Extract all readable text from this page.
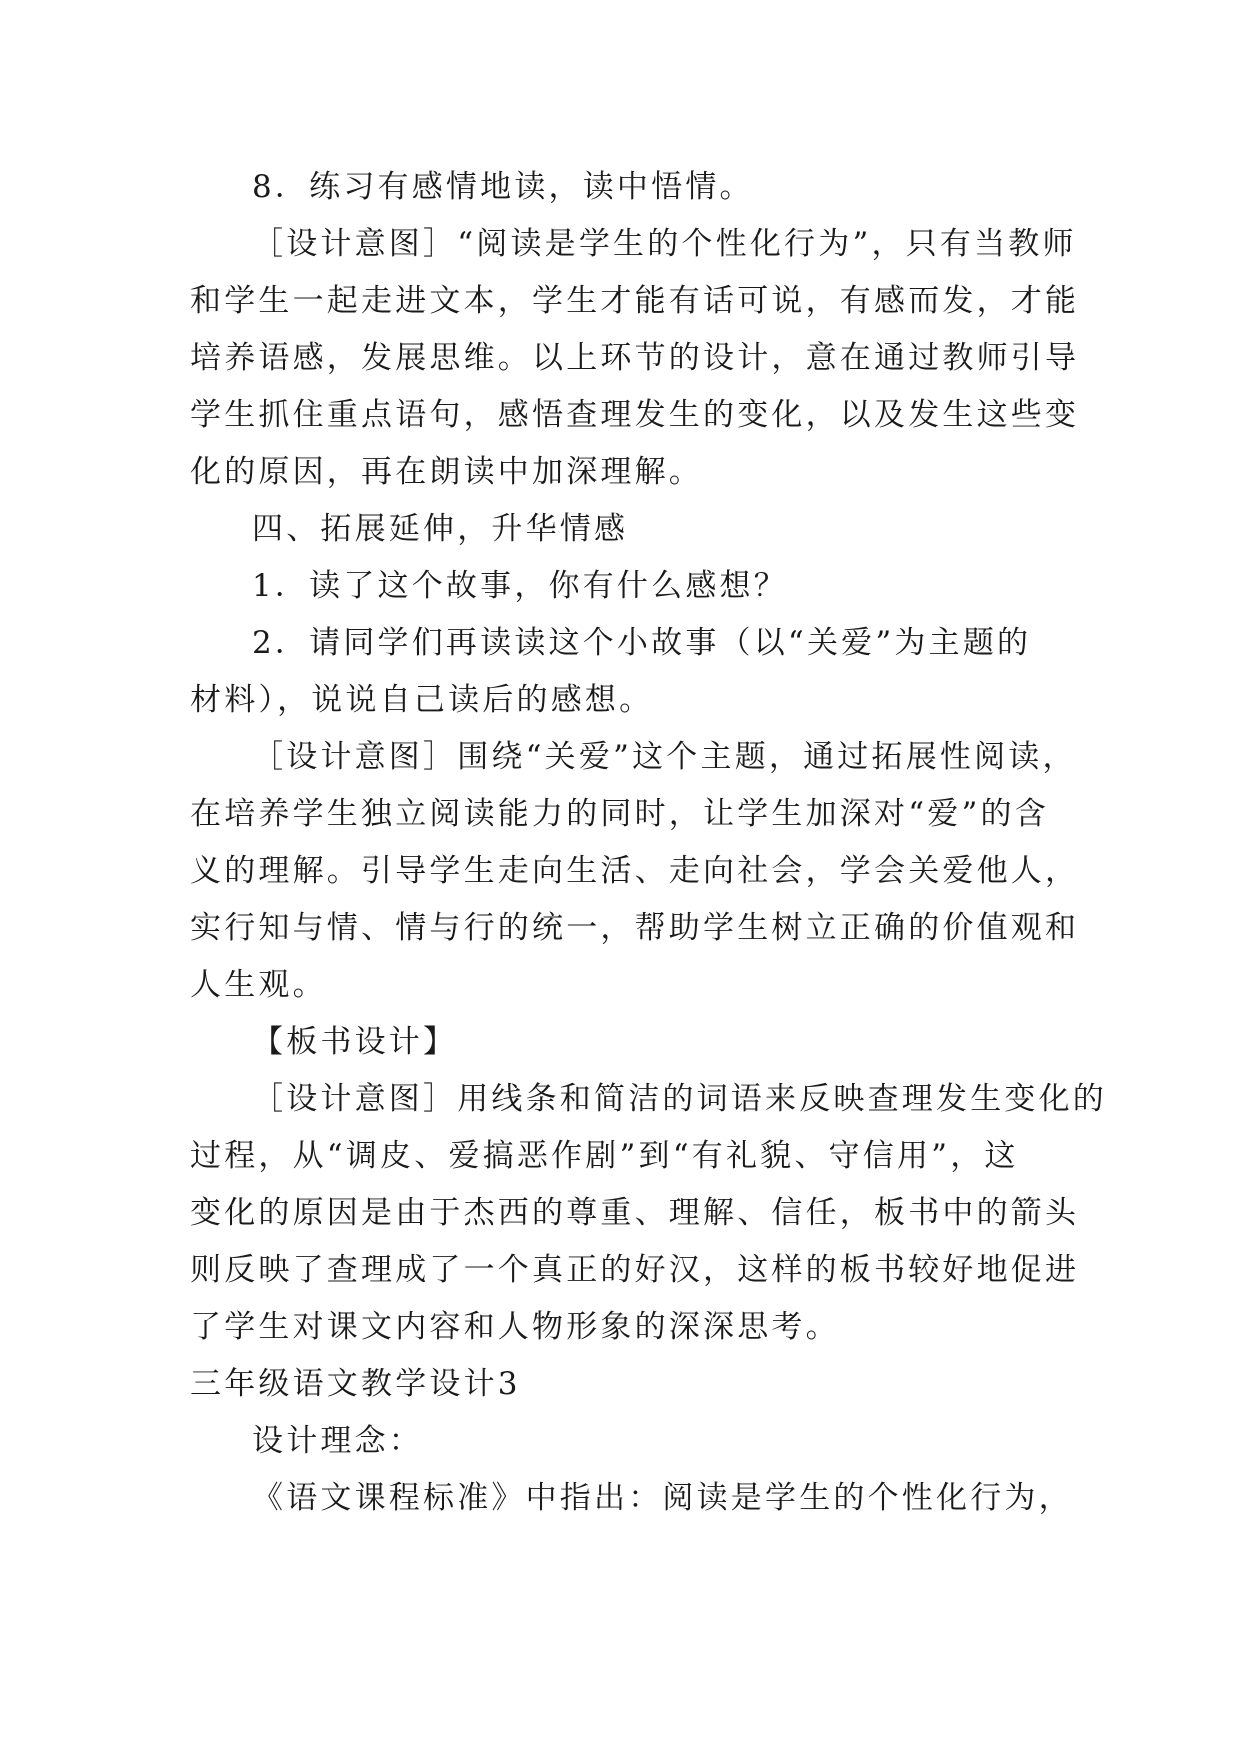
8．练习有感情地读，读中悟情。
［设计意图］“阅读是学生的个性化行为”，只有当教师
和学生一起走进文本，学生才能有话可说，有感而发，才能
培养语感，发展思维。以上环节的设计，意在通过教师引导
学生抓住重点语句，感悟查理发生的变化，以及发生这些变
化的原因，再在朗读中加深理解。
四、拓展延伸，升华情感
1．读了这个故事，你有什么感想？
2．请同学们再读读这个小故事（以“关爱”为主题的
材料），说说自己读后的感想。
［设计意图］围绕“关爱”这个主题，通过拓展性阅读，
在培养学生独立阅读能力的同时，让学生加深对“爱”的含
义的理解。引导学生走向生活、走向社会，学会关爱他人，
实行知与情、情与行的统一，帮助学生树立正确的价值观和
人生观。
【板书设计】
［设计意图］用线条和简洁的词语来反映查理发生变化的
过程，从“调皮、爱搞恶作剧”到“有礼貌、守信用”，这
变化的原因是由于杰西的尊重、理解、信任，板书中的箭头
则反映了查理成了一个真正的好汉，这样的板书较好地促进
了学生对课文内容和人物形象的深深思考。
三年级语文教学设计3
设计理念：
《语文课程标准》中指出：阅读是学生的个性化行为，
